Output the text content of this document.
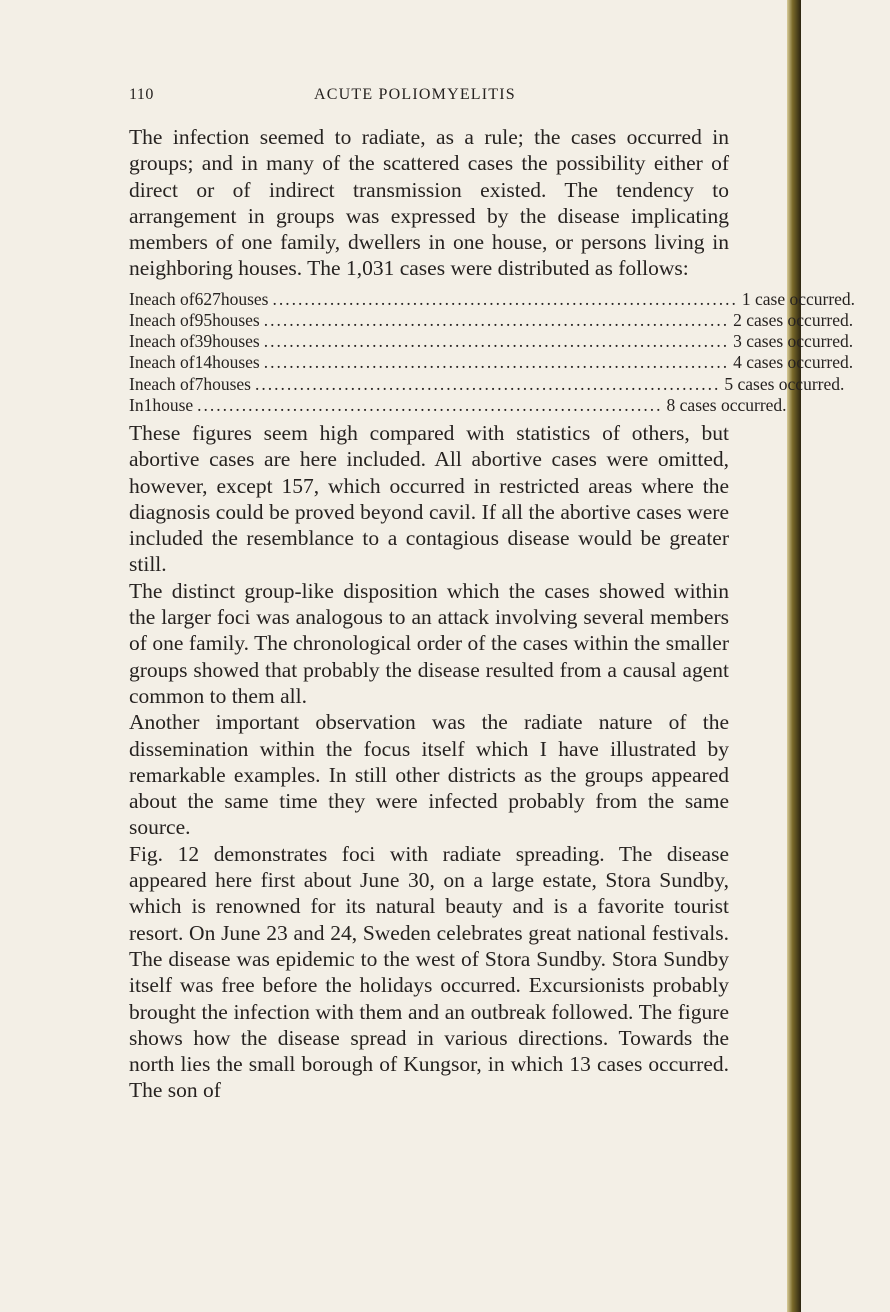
110	ACUTE POLIOMYELITIS

The infection seemed to radiate, as a rule; the cases occurred in groups; and in many of the scattered cases the possibility either of direct or of indirect transmission existed. The tendency to arrangement in groups was expressed by the disease implicating members of one family, dwellers in one house, or persons living in neighboring houses. The 1,031 cases were distributed as follows:

In each of 627 houses ......................................................................... 1 case occurred.
In each of 95 houses ......................................................................... 2 cases occurred.
In each of 39 houses ......................................................................... 3 cases occurred.
In each of 14 houses ......................................................................... 4 cases occurred.
In each of 7 houses ......................................................................... 5 cases occurred.
In 1 house ......................................................................... 8 cases occurred.

These figures seem high compared with statistics of others, but abortive cases are here included. All abortive cases were omitted, however, except 157, which occurred in restricted areas where the diagnosis could be proved beyond cavil. If all the abortive cases were included the resemblance to a contagious disease would be greater still.

The distinct group-like disposition which the cases showed within the larger foci was analogous to an attack involving several members of one family. The chronological order of the cases within the smaller groups showed that probably the disease resulted from a causal agent common to them all.

Another important observation was the radiate nature of the dissemination within the focus itself which I have illustrated by remarkable examples. In still other districts as the groups appeared about the same time they were infected probably from the same source.

Fig. 12 demonstrates foci with radiate spreading. The disease appeared here first about June 30, on a large estate, Stora Sundby, which is renowned for its natural beauty and is a favorite tourist resort. On June 23 and 24, Sweden celebrates great national festivals. The disease was epidemic to the west of Stora Sundby. Stora Sundby itself was free before the holidays occurred. Excursionists probably brought the infection with them and an outbreak followed. The figure shows how the disease spread in various directions. Towards the north lies the small borough of Kungsor, in which 13 cases occurred. The son of
